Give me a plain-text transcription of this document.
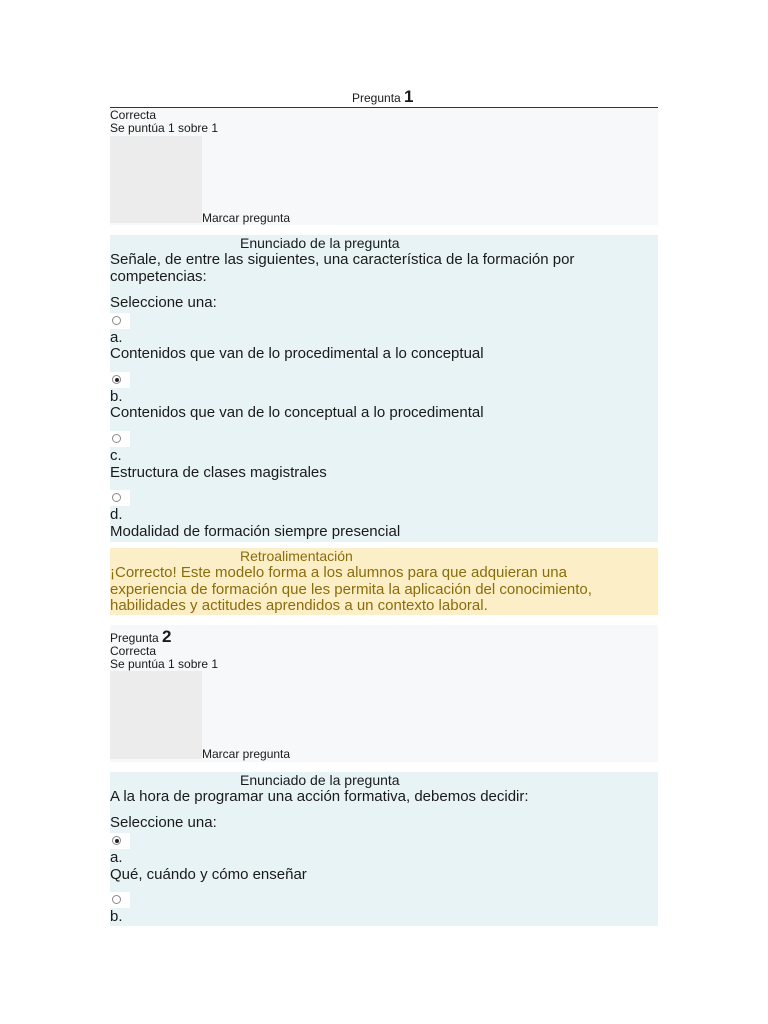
Pregunta 1
Correcta
Se puntúa 1 sobre 1
Marcar pregunta
Enunciado de la pregunta
Señale, de entre las siguientes, una característica de la formación por competencias:
Seleccione una:
a.
Contenidos que van de lo procedimental a lo conceptual
b.
Contenidos que van de lo conceptual a lo procedimental
c.
Estructura de clases magistrales
d.
Modalidad de formación siempre presencial
Retroalimentación
¡Correcto! Este modelo forma a los alumnos para que adquieran una experiencia de formación que les permita la aplicación del conocimiento, habilidades y actitudes aprendidos a un contexto laboral.
Pregunta 2
Correcta
Se puntúa 1 sobre 1
Marcar pregunta
Enunciado de la pregunta
A la hora de programar una acción formativa, debemos decidir:
Seleccione una:
a.
Qué, cuándo y cómo enseñar
b.
